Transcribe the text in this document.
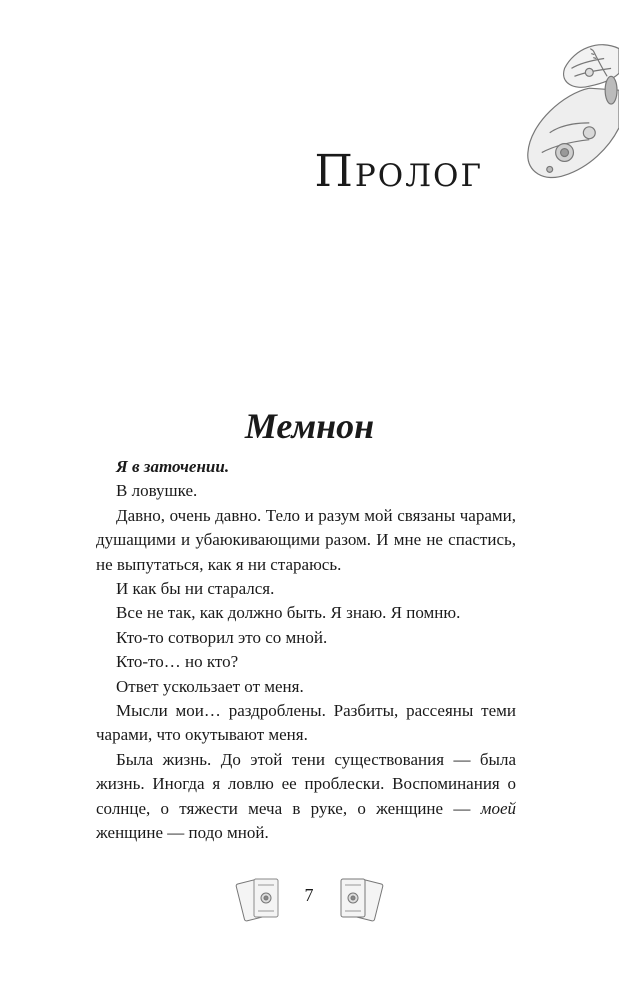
Пролог
Мемнон

Я в заточении.

В ловушке.

Давно, очень давно. Тело и разум мой связаны чарами, душащими и убаюкивающими разом. И мне не спастись, не выпутаться, как я ни стараюсь.

И как бы ни старался.

Все не так, как должно быть. Я знаю. Я помню.

Кто-то сотворил это со мной.

Кто-то… но кто?

Ответ ускользает от меня.

Мысли мои… раздроблены. Разбиты, рассеяны теми чарами, что окутывают меня.

Была жизнь. До этой тени существования — была жизнь. Иногда я ловлю ее проблески. Воспоминания о солнце, о тяжести меча в руке, о женщине — моей женщине — подо мной.

7
